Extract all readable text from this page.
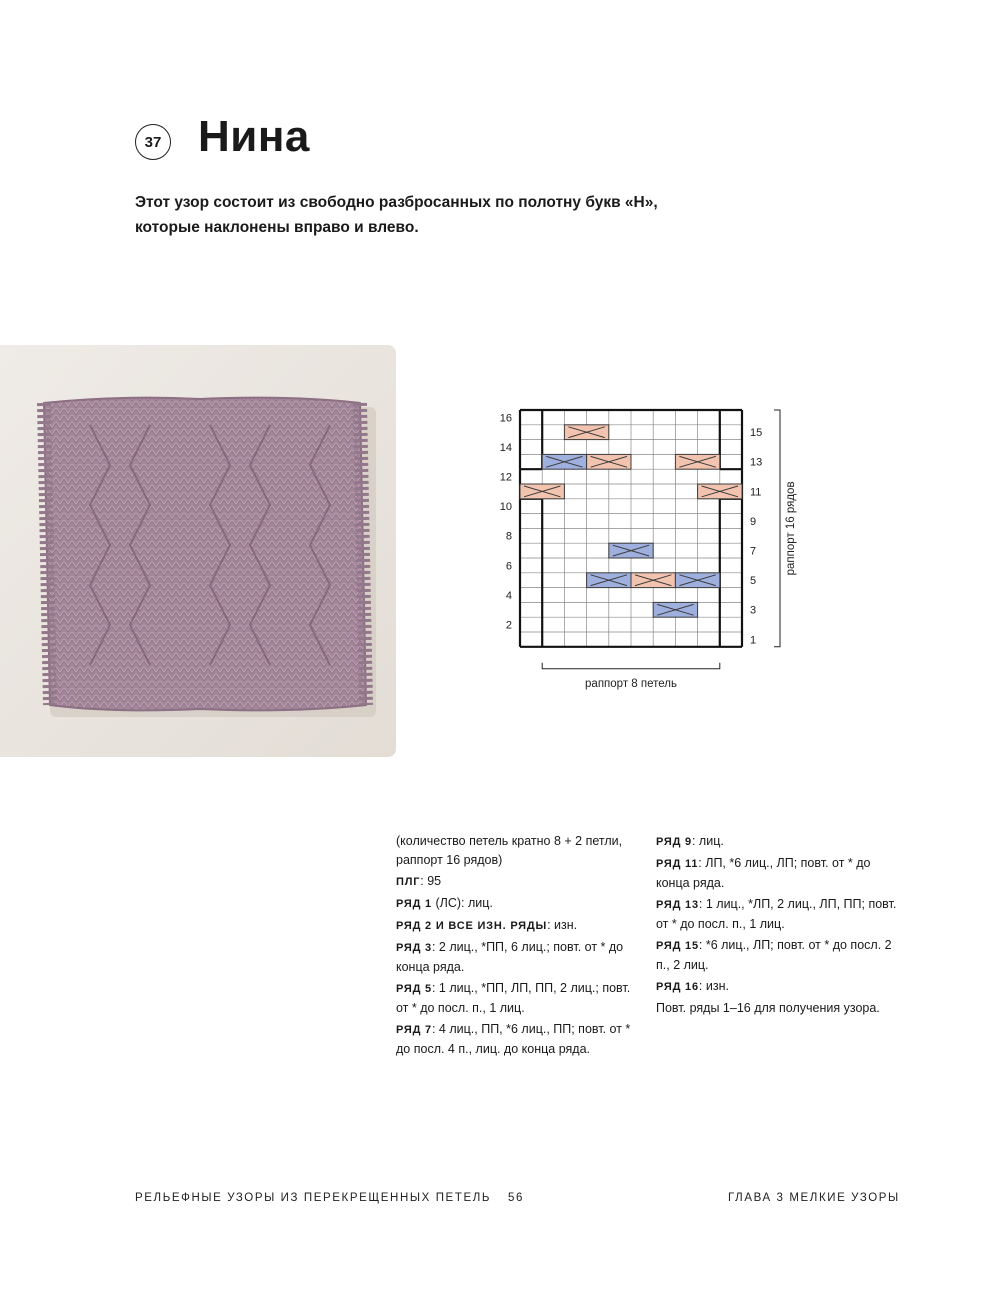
37 Нина
Этот узор состоит из свободно разбросанных по полотну букв «Н»,
которые наклонены вправо и влево.
16
14
12
10
8
6
4
2
15
13
11
9
7
5
3
1
раппорт 16 рядов
раппорт 8 петель

(количество петель кратно 8 + 2 петли, раппорт 16 рядов)

ПЛГ: 95

РЯД 1 (ЛС): лиц.

РЯД 2 И ВСЕ ИЗН. РЯДЫ: изн.

РЯД 3: 2 лиц., *ПП, 6 лиц.; повт. от * до конца ряда.

РЯД 5: 1 лиц., *ПП, ЛП, ПП, 2 лиц.; повт. от * до посл. п., 1 лиц.

РЯД 7: 4 лиц., ПП, *6 лиц., ПП; повт. от * до посл. 4 п., лиц. до конца ряда.

РЯД 9: лиц.

РЯД 11: ЛП, *6 лиц., ЛП; повт. от * до конца ряда.

РЯД 13: 1 лиц., *ЛП, 2 лиц., ЛП, ПП; повт. от * до посл. п., 1 лиц.

РЯД 15: *6 лиц., ЛП; повт. от * до посл. 2 п., 2 лиц.

РЯД 16: изн.

Повт. ряды 1–16 для получения узора.

РЕЛЬЕФНЫЕ УЗОРЫ ИЗ ПЕРЕКРЕЩЕННЫХ ПЕТЕЛЬ 56	ГЛАВА 3 МЕЛКИЕ УЗОРЫ
